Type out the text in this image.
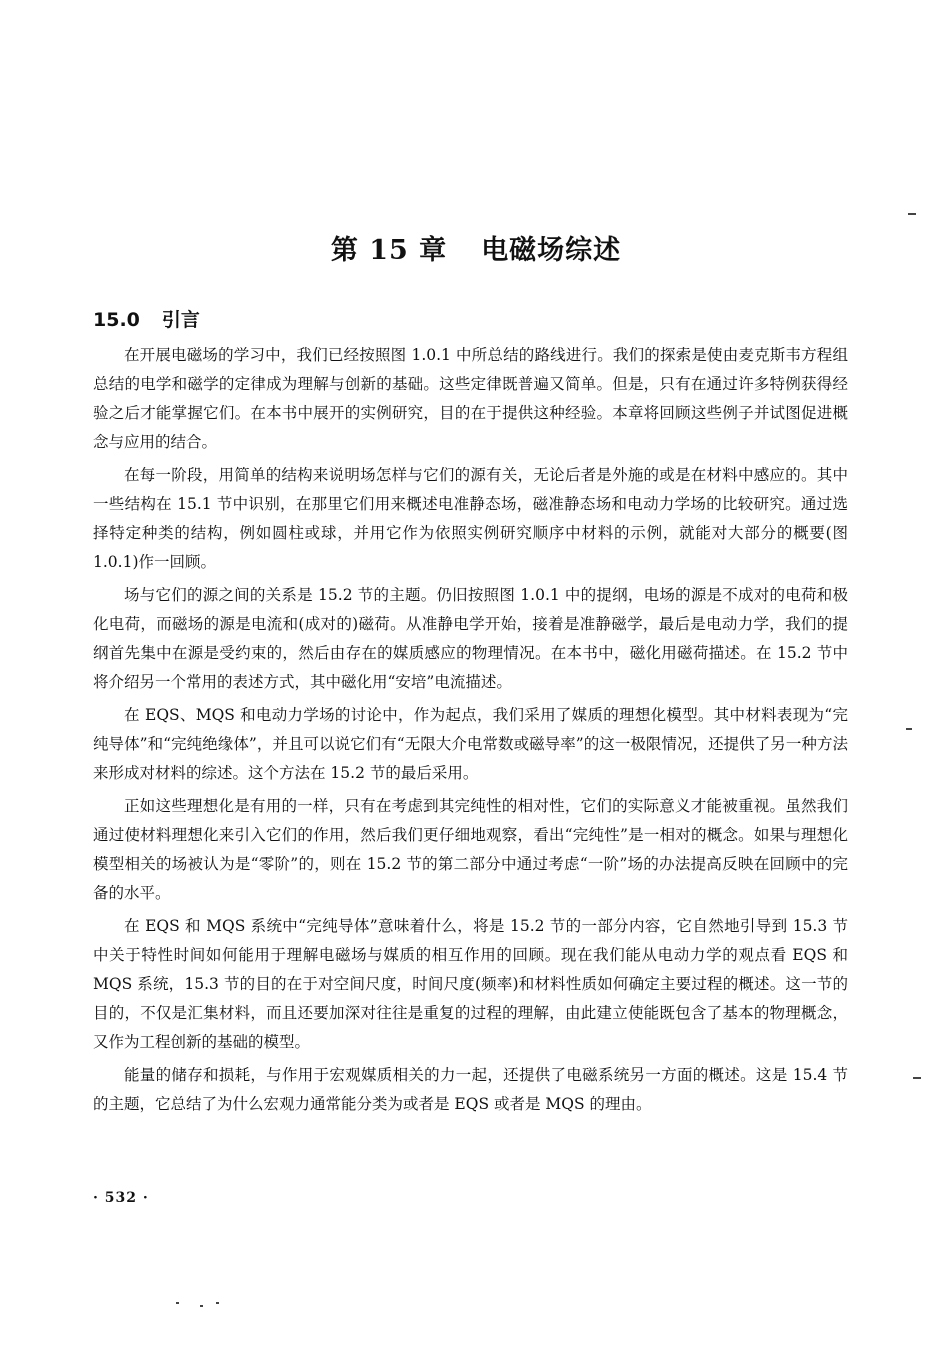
第 15 章 电磁场综述
15.0 引言

在开展电磁场的学习中，我们已经按照图 1.0.1 中所总结的路线进行。我们的探索是使由麦克斯韦方程组总结的电学和磁学的定律成为理解与创新的基础。这些定律既普遍又简单。但是，只有在通过许多特例获得经验之后才能掌握它们。在本书中展开的实例研究，目的在于提供这种经验。本章将回顾这些例子并试图促进概念与应用的结合。

在每一阶段，用简单的结构来说明场怎样与它们的源有关，无论后者是外施的或是在材料中感应的。其中一些结构在 15.1 节中识别，在那里它们用来概述电准静态场，磁准静态场和电动力学场的比较研究。通过选择特定种类的结构，例如圆柱或球，并用它作为依照实例研究顺序中材料的示例，就能对大部分的概要(图 1.0.1)作一回顾。

场与它们的源之间的关系是 15.2 节的主题。仍旧按照图 1.0.1 中的提纲，电场的源是不成对的电荷和极化电荷，而磁场的源是电流和(成对的)磁荷。从准静电学开始，接着是准静磁学，最后是电动力学，我们的提纲首先集中在源是受约束的，然后由存在的媒质感应的物理情况。在本书中，磁化用磁荷描述。在 15.2 节中将介绍另一个常用的表述方式，其中磁化用“安培”电流描述。

在 EQS、MQS 和电动力学场的讨论中，作为起点，我们采用了媒质的理想化模型。其中材料表现为“完纯导体”和“完纯绝缘体”，并且可以说它们有“无限大介电常数或磁导率”的这一极限情况，还提供了另一种方法来形成对材料的综述。这个方法在 15.2 节的最后采用。

正如这些理想化是有用的一样，只有在考虑到其完纯性的相对性，它们的实际意义才能被重视。虽然我们通过使材料理想化来引入它们的作用，然后我们更仔细地观察，看出“完纯性”是一相对的概念。如果与理想化模型相关的场被认为是“零阶”的，则在 15.2 节的第二部分中通过考虑“一阶”场的办法提高反映在回顾中的完备的水平。

在 EQS 和 MQS 系统中“完纯导体”意味着什么，将是 15.2 节的一部分内容，它自然地引导到 15.3 节中关于特性时间如何能用于理解电磁场与媒质的相互作用的回顾。现在我们能从电动力学的观点看 EQS 和 MQS 系统，15.3 节的目的在于对空间尺度，时间尺度(频率)和材料性质如何确定主要过程的概述。这一节的目的，不仅是汇集材料，而且还要加深对往往是重复的过程的理解，由此建立使能既包含了基本的物理概念，又作为工程创新的基础的模型。

能量的储存和损耗，与作用于宏观媒质相关的力一起，还提供了电磁系统另一方面的概述。这是 15.4 节的主题，它总结了为什么宏观力通常能分类为或者是 EQS 或者是 MQS 的理由。

· 532 ·
